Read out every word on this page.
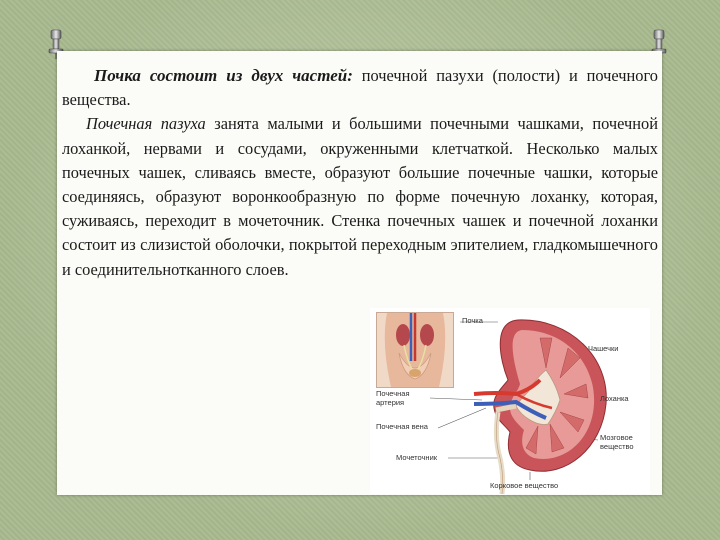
Почка состоит из двух частей: почечной пазухи (полости) и почечного вещества.

Почечная пазуха занята малыми и большими почечными чашками, почечной лоханкой, нервами и сосудами, окруженными клетчаткой. Несколько малых почечных чашек, сливаясь вместе, образуют большие почечные чашки, которые соединяясь, образуют воронкообразную по форме почечную лоханку, которая, суживаясь, переходит в мочеточник. Стенка почечных чашек и почечной лоханки состоит из слизистой оболочки, покрытой переходным эпителием, гладкомышечного и соединительнотканного слоев.

Почка
Чашечки
Почечная артерия	Лоханка
Почечная вена
Мозговое вещество
Мочеточник
Корковое вещество
